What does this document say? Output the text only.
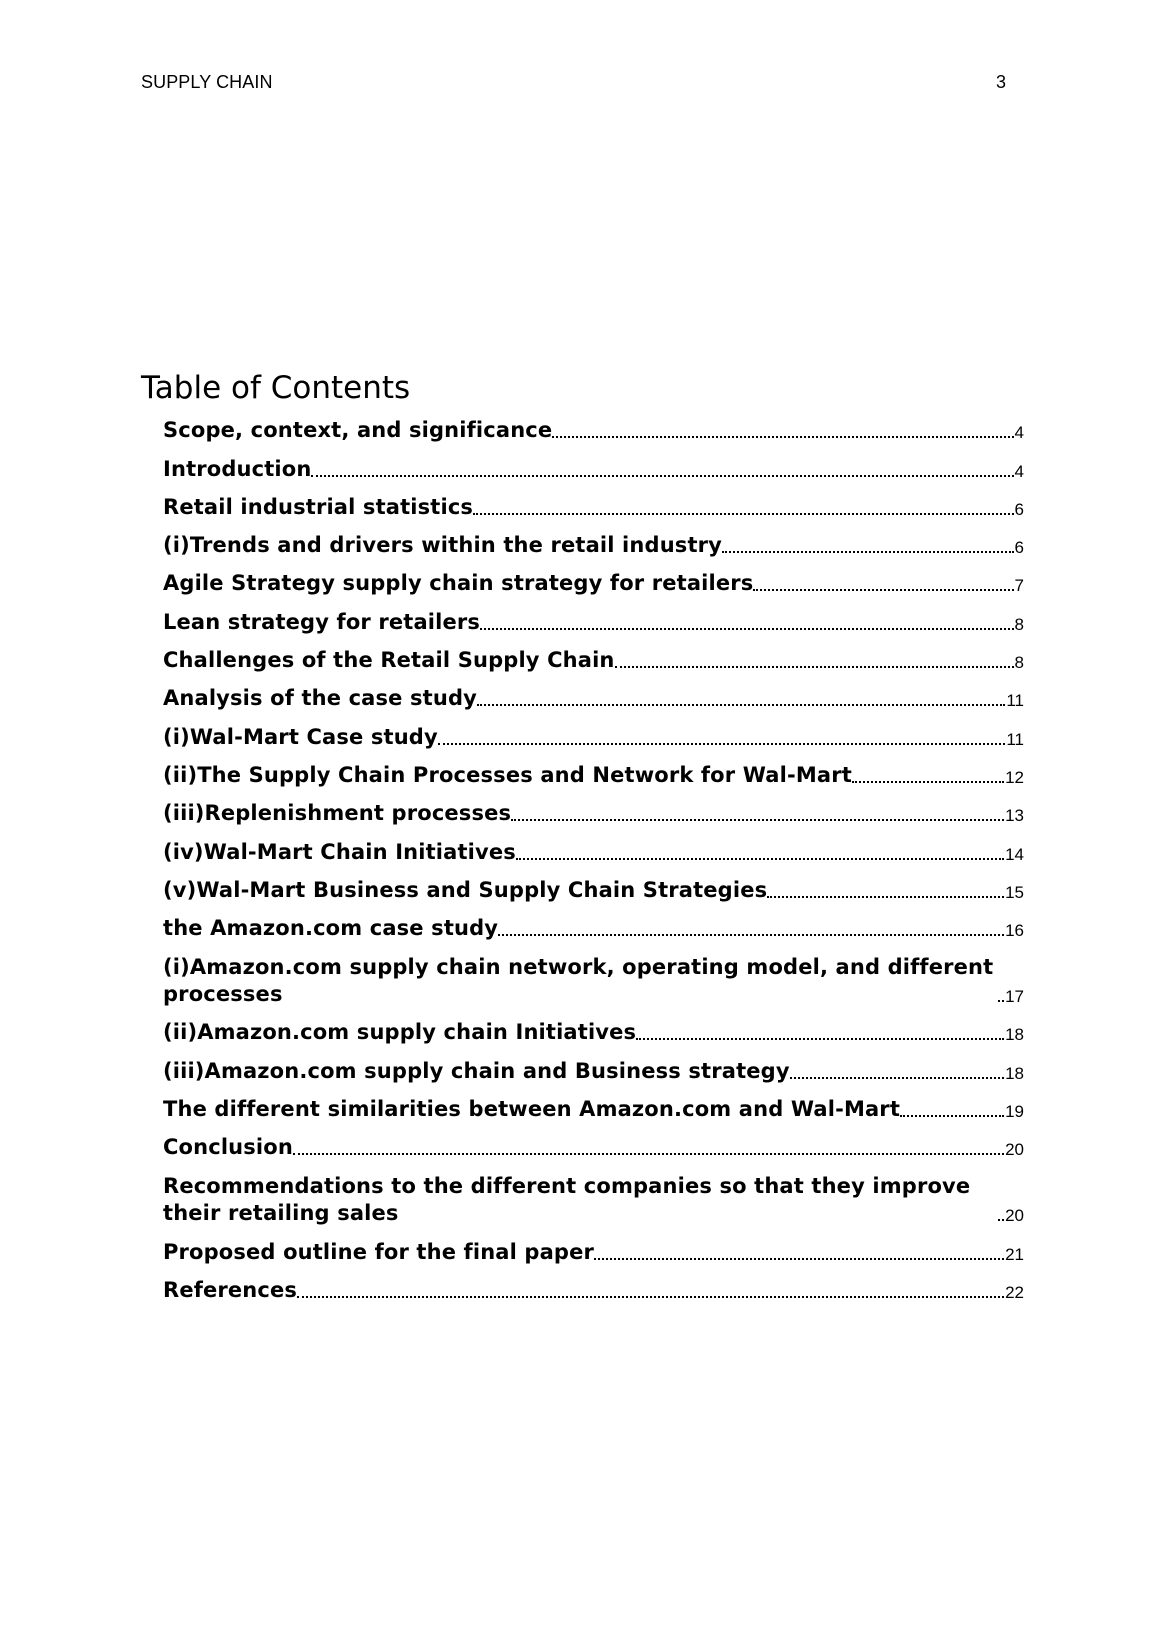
SUPPLY CHAIN	3
Table of Contents
Scope, context, and significance	4
Introduction	4
Retail industrial statistics	6
(i)Trends and drivers within the retail industry	6
Agile Strategy supply chain strategy for retailers	7
Lean strategy for retailers	8
Challenges of the Retail Supply Chain	8
Analysis of the case study	11
(i)Wal-Mart Case study	11
(ii)The Supply Chain Processes and Network for Wal-Mart	12
(iii)Replenishment processes	13
(iv)Wal-Mart Chain Initiatives	14
(v)Wal-Mart Business and Supply Chain Strategies	15
the Amazon.com case study	16
(i)Amazon.com supply chain network, operating model, and different processes	17
(ii)Amazon.com supply chain Initiatives	18
(iii)Amazon.com supply chain and Business strategy	18
The different similarities between Amazon.com and Wal-Mart	19
Conclusion	20
Recommendations to the different companies so that they improve their retailing sales	20
Proposed outline for the final paper	21
References	22
